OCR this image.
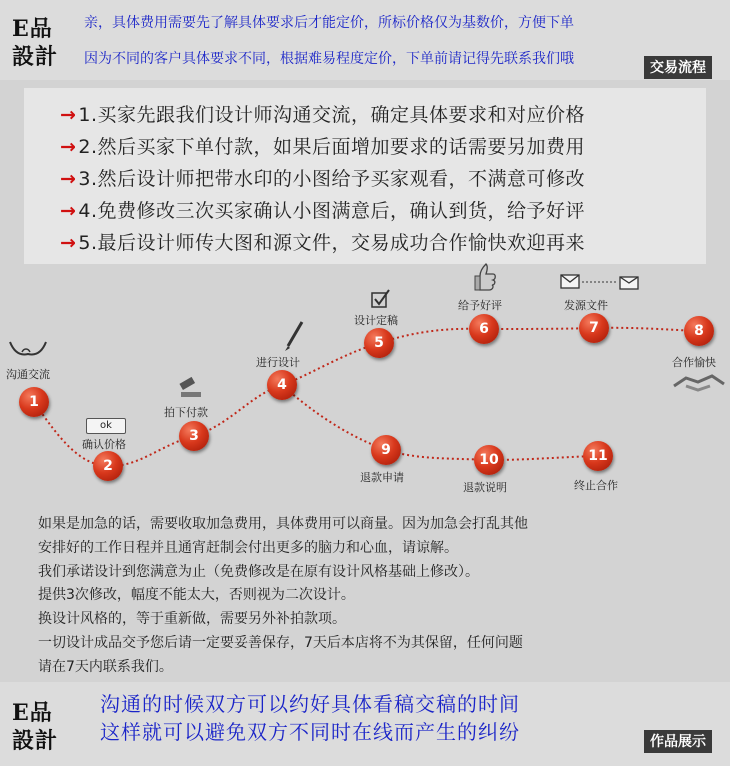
E品
設計
亲，具体费用需要先了解具体要求后才能定价，所标价格仅为基数价，方便下单
因为不同的客户具体要求不同，根据难易程度定价，下单前请记得先联系我们哦
交易流程
→ 1.买家先跟我们设计师沟通交流，确定具体要求和对应价格
→ 2.然后买家下单付款，如果后面增加要求的话需要另加费用
→ 3.然后设计师把带水印的小图给予买家观看，不满意可修改
→ 4.免费修改三次买家确认小图满意后，确认到货，给予好评
→ 5.最后设计师传大图和源文件，交易成功合作愉快欢迎再来
1
2
3
4
5
6	7	8
9
10	11
沟通交流
确认价格
拍下付款
进行设计
设计定稿
给予好评	发源文件
合作愉快
退款申请
退款说明	终止合作
ok
如果是加急的话，需要收取加急费用，具体费用可以商量。因为加急会打乱其他
安排好的工作日程并且通宵赶制会付出更多的脑力和心血，请谅解。
我们承诺设计到您满意为止（免费修改是在原有设计风格基础上修改）。
提供3次修改，幅度不能太大，否则视为二次设计。
换设计风格的，等于重新做，需要另外补拍款项。
一切设计成品交予您后请一定要妥善保存，7天后本店将不为其保留，任何问题
请在7天内联系我们。
E品
設計
沟通的时候双方可以约好具体看稿交稿的时间
这样就可以避免双方不同时在线而产生的纠纷	作品展示
